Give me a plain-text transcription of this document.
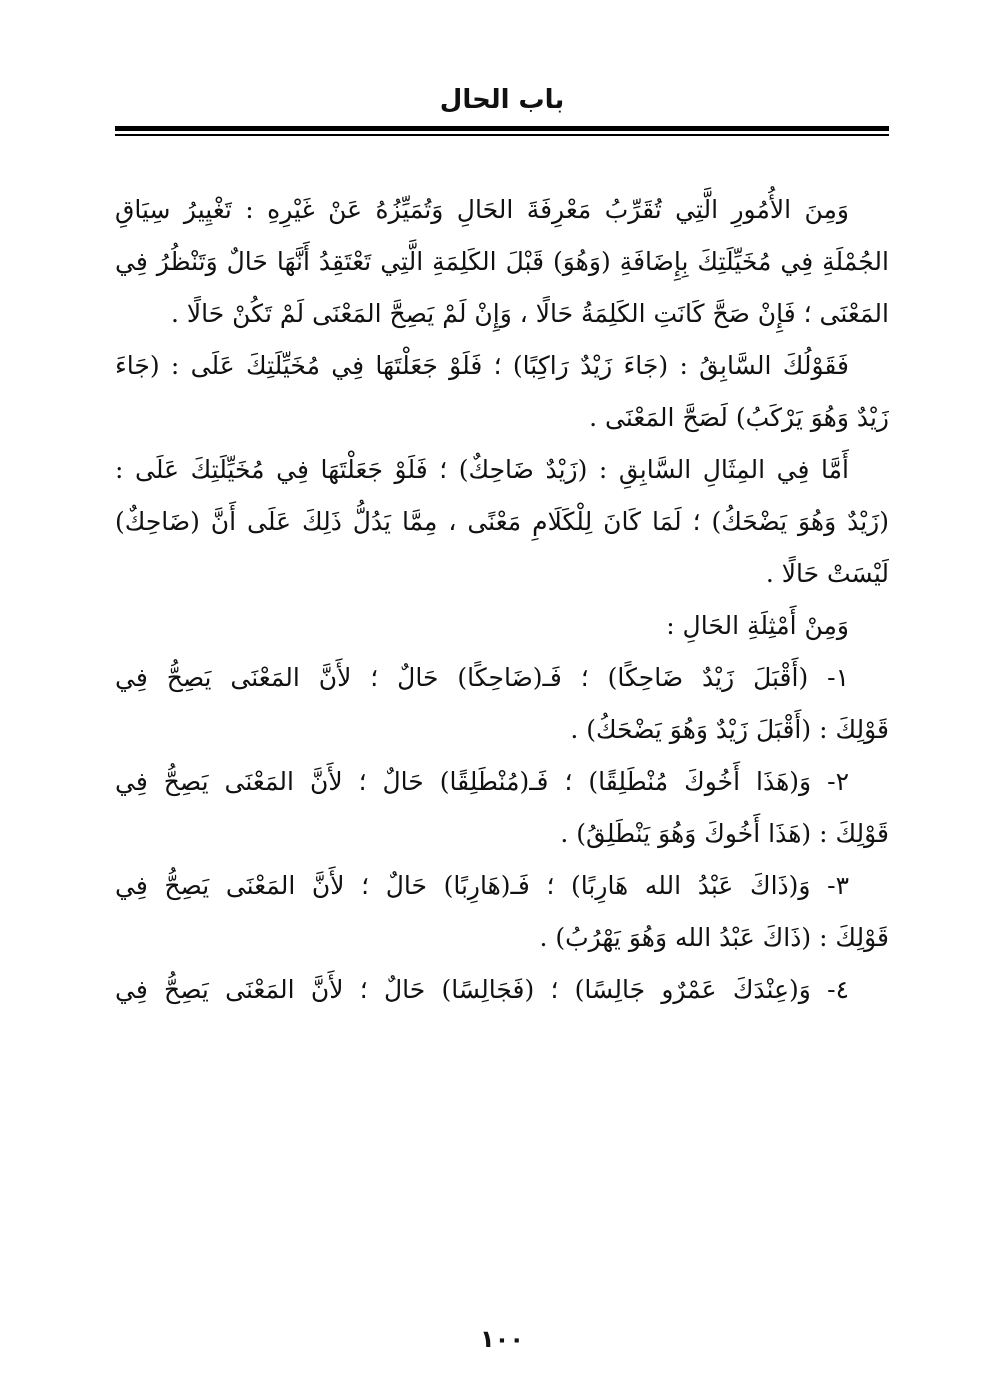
باب الحال
وَمِنَ الأُمُورِ الَّتِي تُقَرِّبُ مَعْرِفَةَ الحَالِ وَتُمَيِّزُهُ عَنْ غَيْرِهِ : تَغْيِيرُ سِيَاقِ
الجُمْلَةِ فِي مُخَيِّلَتِكَ بِإِضَافَةِ (وَهُوَ) قَبْلَ الكَلِمَةِ الَّتِي تَعْتَقِدُ أَنَّهَا حَالٌ وَتَنْظُرُ فِي
المَعْنَى ؛ فَإِنْ صَحَّ كَانَتِ الكَلِمَةُ حَالًا ، وَإِنْ لَمْ يَصِحَّ المَعْنَى لَمْ تَكُنْ حَالًا .
فَقَوْلُكَ السَّابِقُ : (جَاءَ زَيْدٌ رَاكِبًا) ؛ فَلَوْ جَعَلْتَهَا فِي مُخَيِّلَتِكَ عَلَى : (جَاءَ
زَيْدٌ وَهُوَ يَرْكَبُ) لَصَحَّ المَعْنَى .
أَمَّا فِي المِثَالِ السَّابِقِ : (زَيْدٌ ضَاحِكٌ) ؛ فَلَوْ جَعَلْتَهَا فِي مُخَيِّلَتِكَ عَلَى :
(زَيْدٌ وَهُوَ يَضْحَكُ) ؛ لَمَا كَانَ لِلْكَلَامِ مَعْنًى ، مِمَّا يَدُلُّ ذَلِكَ عَلَى أَنَّ (ضَاحِكٌ)
لَيْسَتْ حَالًا .
وَمِنْ أَمْثِلَةِ الحَالِ :
١- (أَقْبَلَ زَيْدٌ ضَاحِكًا) ؛ فَـ(ضَاحِكًا) حَالٌ ؛ لأَنَّ المَعْنَى يَصِحُّ فِي
قَوْلِكَ : (أَقْبَلَ زَيْدٌ وَهُوَ يَضْحَكُ) .
٢- وَ(هَذَا أَخُوكَ مُنْطَلِقًا) ؛ فَـ(مُنْطَلِقًا) حَالٌ ؛ لأَنَّ المَعْنَى يَصِحُّ فِي
قَوْلِكَ : (هَذَا أَخُوكَ وَهُوَ يَنْطَلِقُ) .
٣- وَ(ذَاكَ عَبْدُ الله هَارِبًا) ؛ فَـ(هَارِبًا) حَالٌ ؛ لأَنَّ المَعْنَى يَصِحُّ فِي
قَوْلِكَ : (ذَاكَ عَبْدُ الله وَهُوَ يَهْرُبُ) .
٤- وَ(عِنْدَكَ عَمْرٌو جَالِسًا) ؛ (فَجَالِسًا) حَالٌ ؛ لأَنَّ المَعْنَى يَصِحُّ فِي
١٠٠
